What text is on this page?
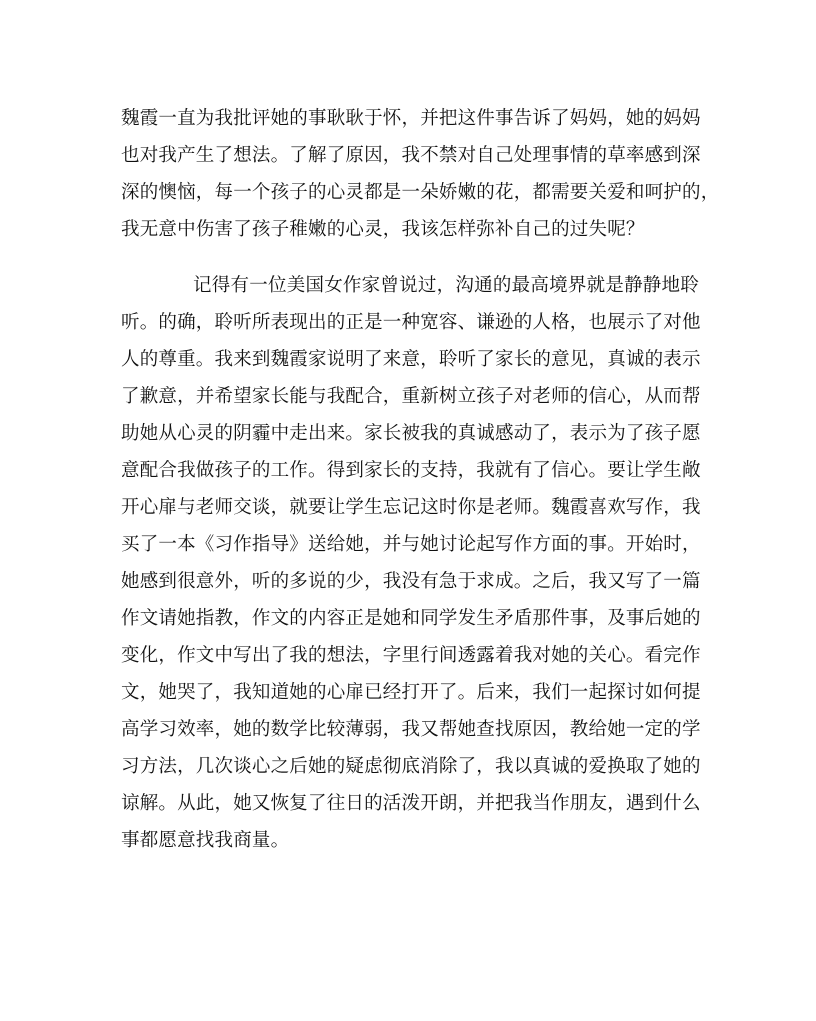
魏霞一直为我批评她的事耿耿于怀，并把这件事告诉了妈妈，她的妈妈
也对我产生了想法。了解了原因，我不禁对自己处理事情的草率感到深
深的懊恼，每一个孩子的心灵都是一朵娇嫩的花，都需要关爱和呵护的，
我无意中伤害了孩子稚嫩的心灵，我该怎样弥补自己的过失呢？
记得有一位美国女作家曾说过，沟通的最高境界就是静静地聆
听。的确，聆听所表现出的正是一种宽容、谦逊的人格，也展示了对他
人的尊重。我来到魏霞家说明了来意，聆听了家长的意见，真诚的表示
了歉意，并希望家长能与我配合，重新树立孩子对老师的信心，从而帮
助她从心灵的阴霾中走出来。家长被我的真诚感动了，表示为了孩子愿
意配合我做孩子的工作。得到家长的支持，我就有了信心。要让学生敞
开心扉与老师交谈，就要让学生忘记这时你是老师。魏霞喜欢写作，我
买了一本《习作指导》送给她，并与她讨论起写作方面的事。开始时，
她感到很意外，听的多说的少，我没有急于求成。之后，我又写了一篇
作文请她指教，作文的内容正是她和同学发生矛盾那件事，及事后她的
变化，作文中写出了我的想法，字里行间透露着我对她的关心。看完作
文，她哭了，我知道她的心扉已经打开了。后来，我们一起探讨如何提
高学习效率，她的数学比较薄弱，我又帮她查找原因，教给她一定的学
习方法，几次谈心之后她的疑虑彻底消除了，我以真诚的爱换取了她的
谅解。从此，她又恢复了往日的活泼开朗，并把我当作朋友，遇到什么
事都愿意找我商量。
